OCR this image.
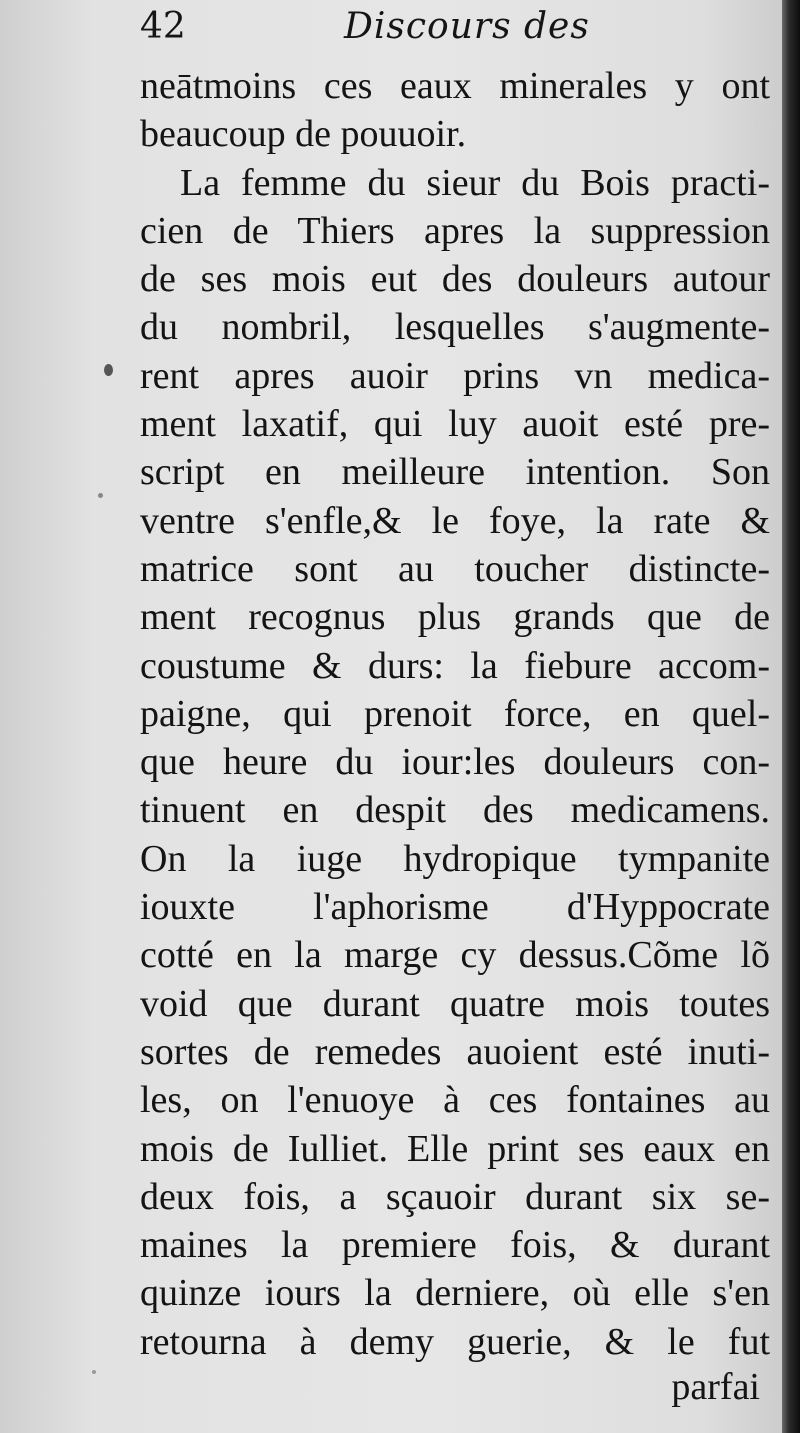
42	Discours des
neātmoins ces eaux minerales y ont
beaucoup de pouuoir.
La femme du sieur du Bois practi-
cien de Thiers apres la suppression
de ses mois eut des douleurs autour
du nombril, lesquelles s'augmente-
rent apres auoir prins vn medica-
ment laxatif, qui luy auoit esté pre-
script en meilleure intention. Son
ventre s'enfle,& le foye, la rate &
matrice sont au toucher distincte-
ment recognus plus grands que de
coustume & durs: la fiebure accom-
paigne, qui prenoit force, en quel-
que heure du iour:les douleurs con-
tinuent en despit des medicamens.
On la iuge hydropique tympanite
iouxte l'aphorisme d'Hyppocrate
cotté en la marge cy dessus.Cõme lõ
void que durant quatre mois toutes
sortes de remedes auoient esté inuti-
les, on l'enuoye à ces fontaines au
mois de Iulliet. Elle print ses eaux en
deux fois, a sçauoir durant six se-
maines la premiere fois, & durant
quinze iours la derniere, où elle s'en
retourna à demy guerie, & le fut
parfai
